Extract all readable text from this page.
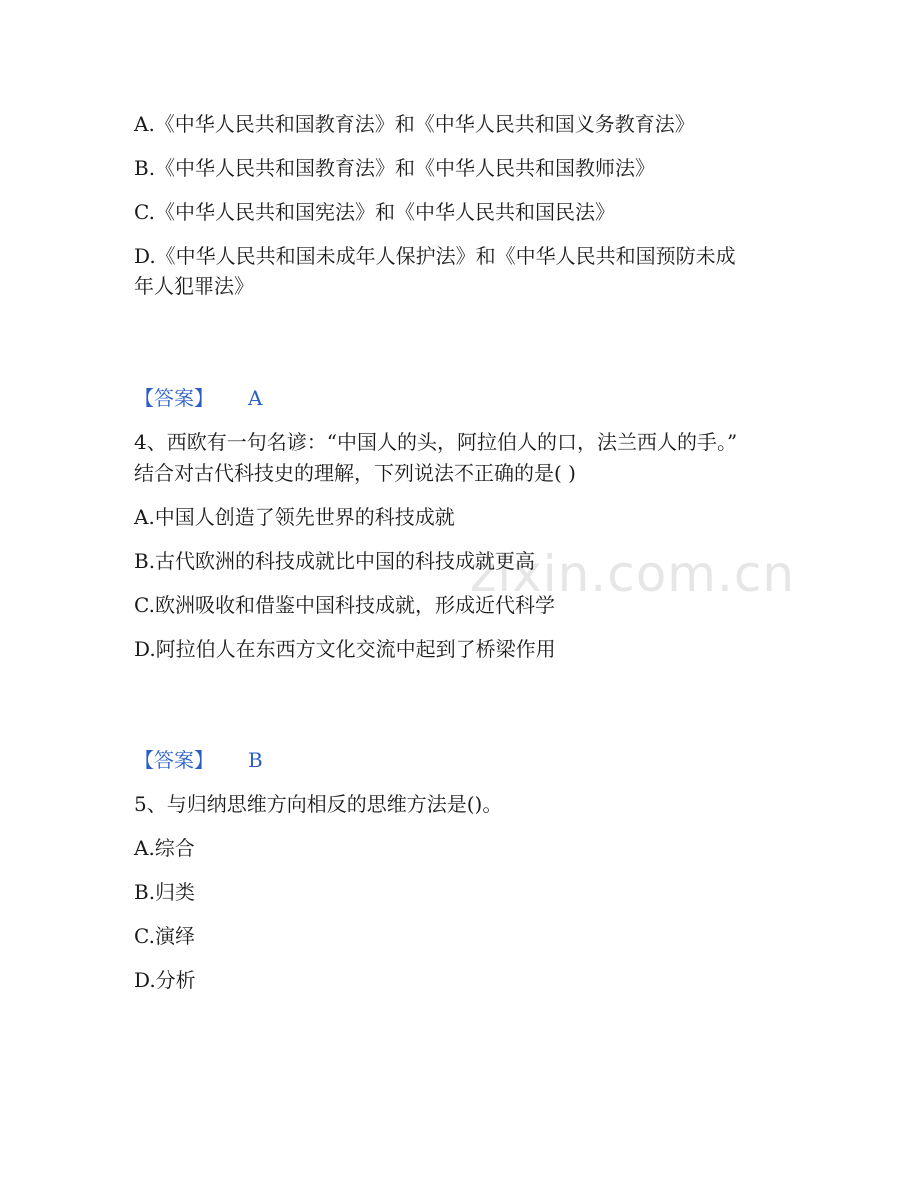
zixin.com.cn
A.《中华人民共和国教育法》和《中华人民共和国义务教育法》
B.《中华人民共和国教育法》和《中华人民共和国教师法》
C.《中华人民共和国宪法》和《中华人民共和国民法》
D.《中华人民共和国未成年人保护法》和《中华人民共和国预防未成
年人犯罪法》
【答案】 A
4、西欧有一句名谚：“中国人的头，阿拉伯人的口，法兰西人的手。”
结合对古代科技史的理解，下列说法不正确的是( )
A.中国人创造了领先世界的科技成就
B.古代欧洲的科技成就比中国的科技成就更高
C.欧洲吸收和借鉴中国科技成就，形成近代科学
D.阿拉伯人在东西方文化交流中起到了桥梁作用
【答案】 B
5、与归纳思维方向相反的思维方法是()。
A.综合
B.归类
C.演绎
D.分析
